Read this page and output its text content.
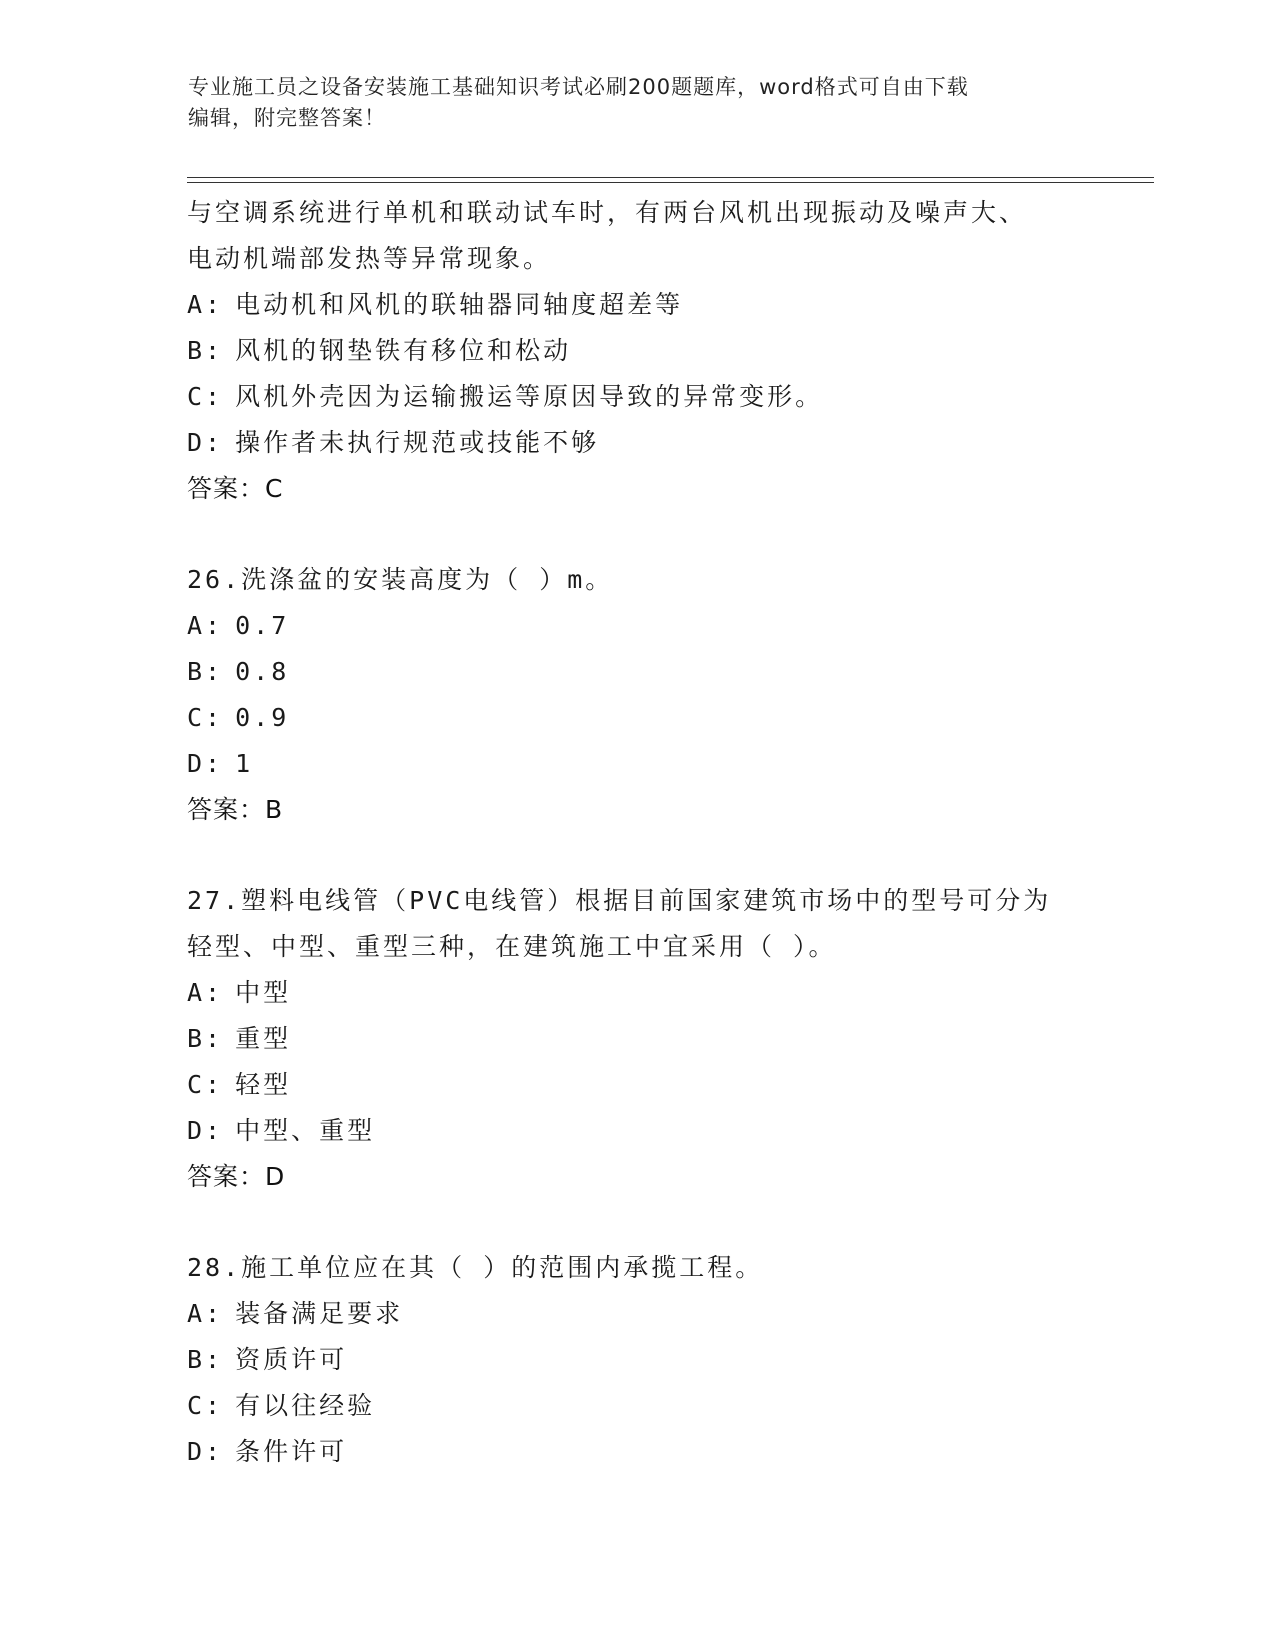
专业施工员之设备安装施工基础知识考试必刷200题题库，word格式可自由下载
编辑，附完整答案！
与空调系统进行单机和联动试车时，有两台风机出现振动及噪声大、
电动机端部发热等异常现象。
A: 电动机和风机的联轴器同轴度超差等
B: 风机的钢垫铁有移位和松动
C: 风机外壳因为运输搬运等原因导致的异常变形。
D: 操作者未执行规范或技能不够
答案：C
26.洗涤盆的安装高度为（ ）m。
A: 0.7
B: 0.8
C: 0.9
D: 1
答案：B
27.塑料电线管（PVC电线管）根据目前国家建筑市场中的型号可分为
轻型、中型、重型三种，在建筑施工中宜采用（ ）。
A: 中型
B: 重型
C: 轻型
D: 中型、重型
答案：D
28.施工单位应在其（ ）的范围内承揽工程。
A: 装备满足要求
B: 资质许可
C: 有以往经验
D: 条件许可
